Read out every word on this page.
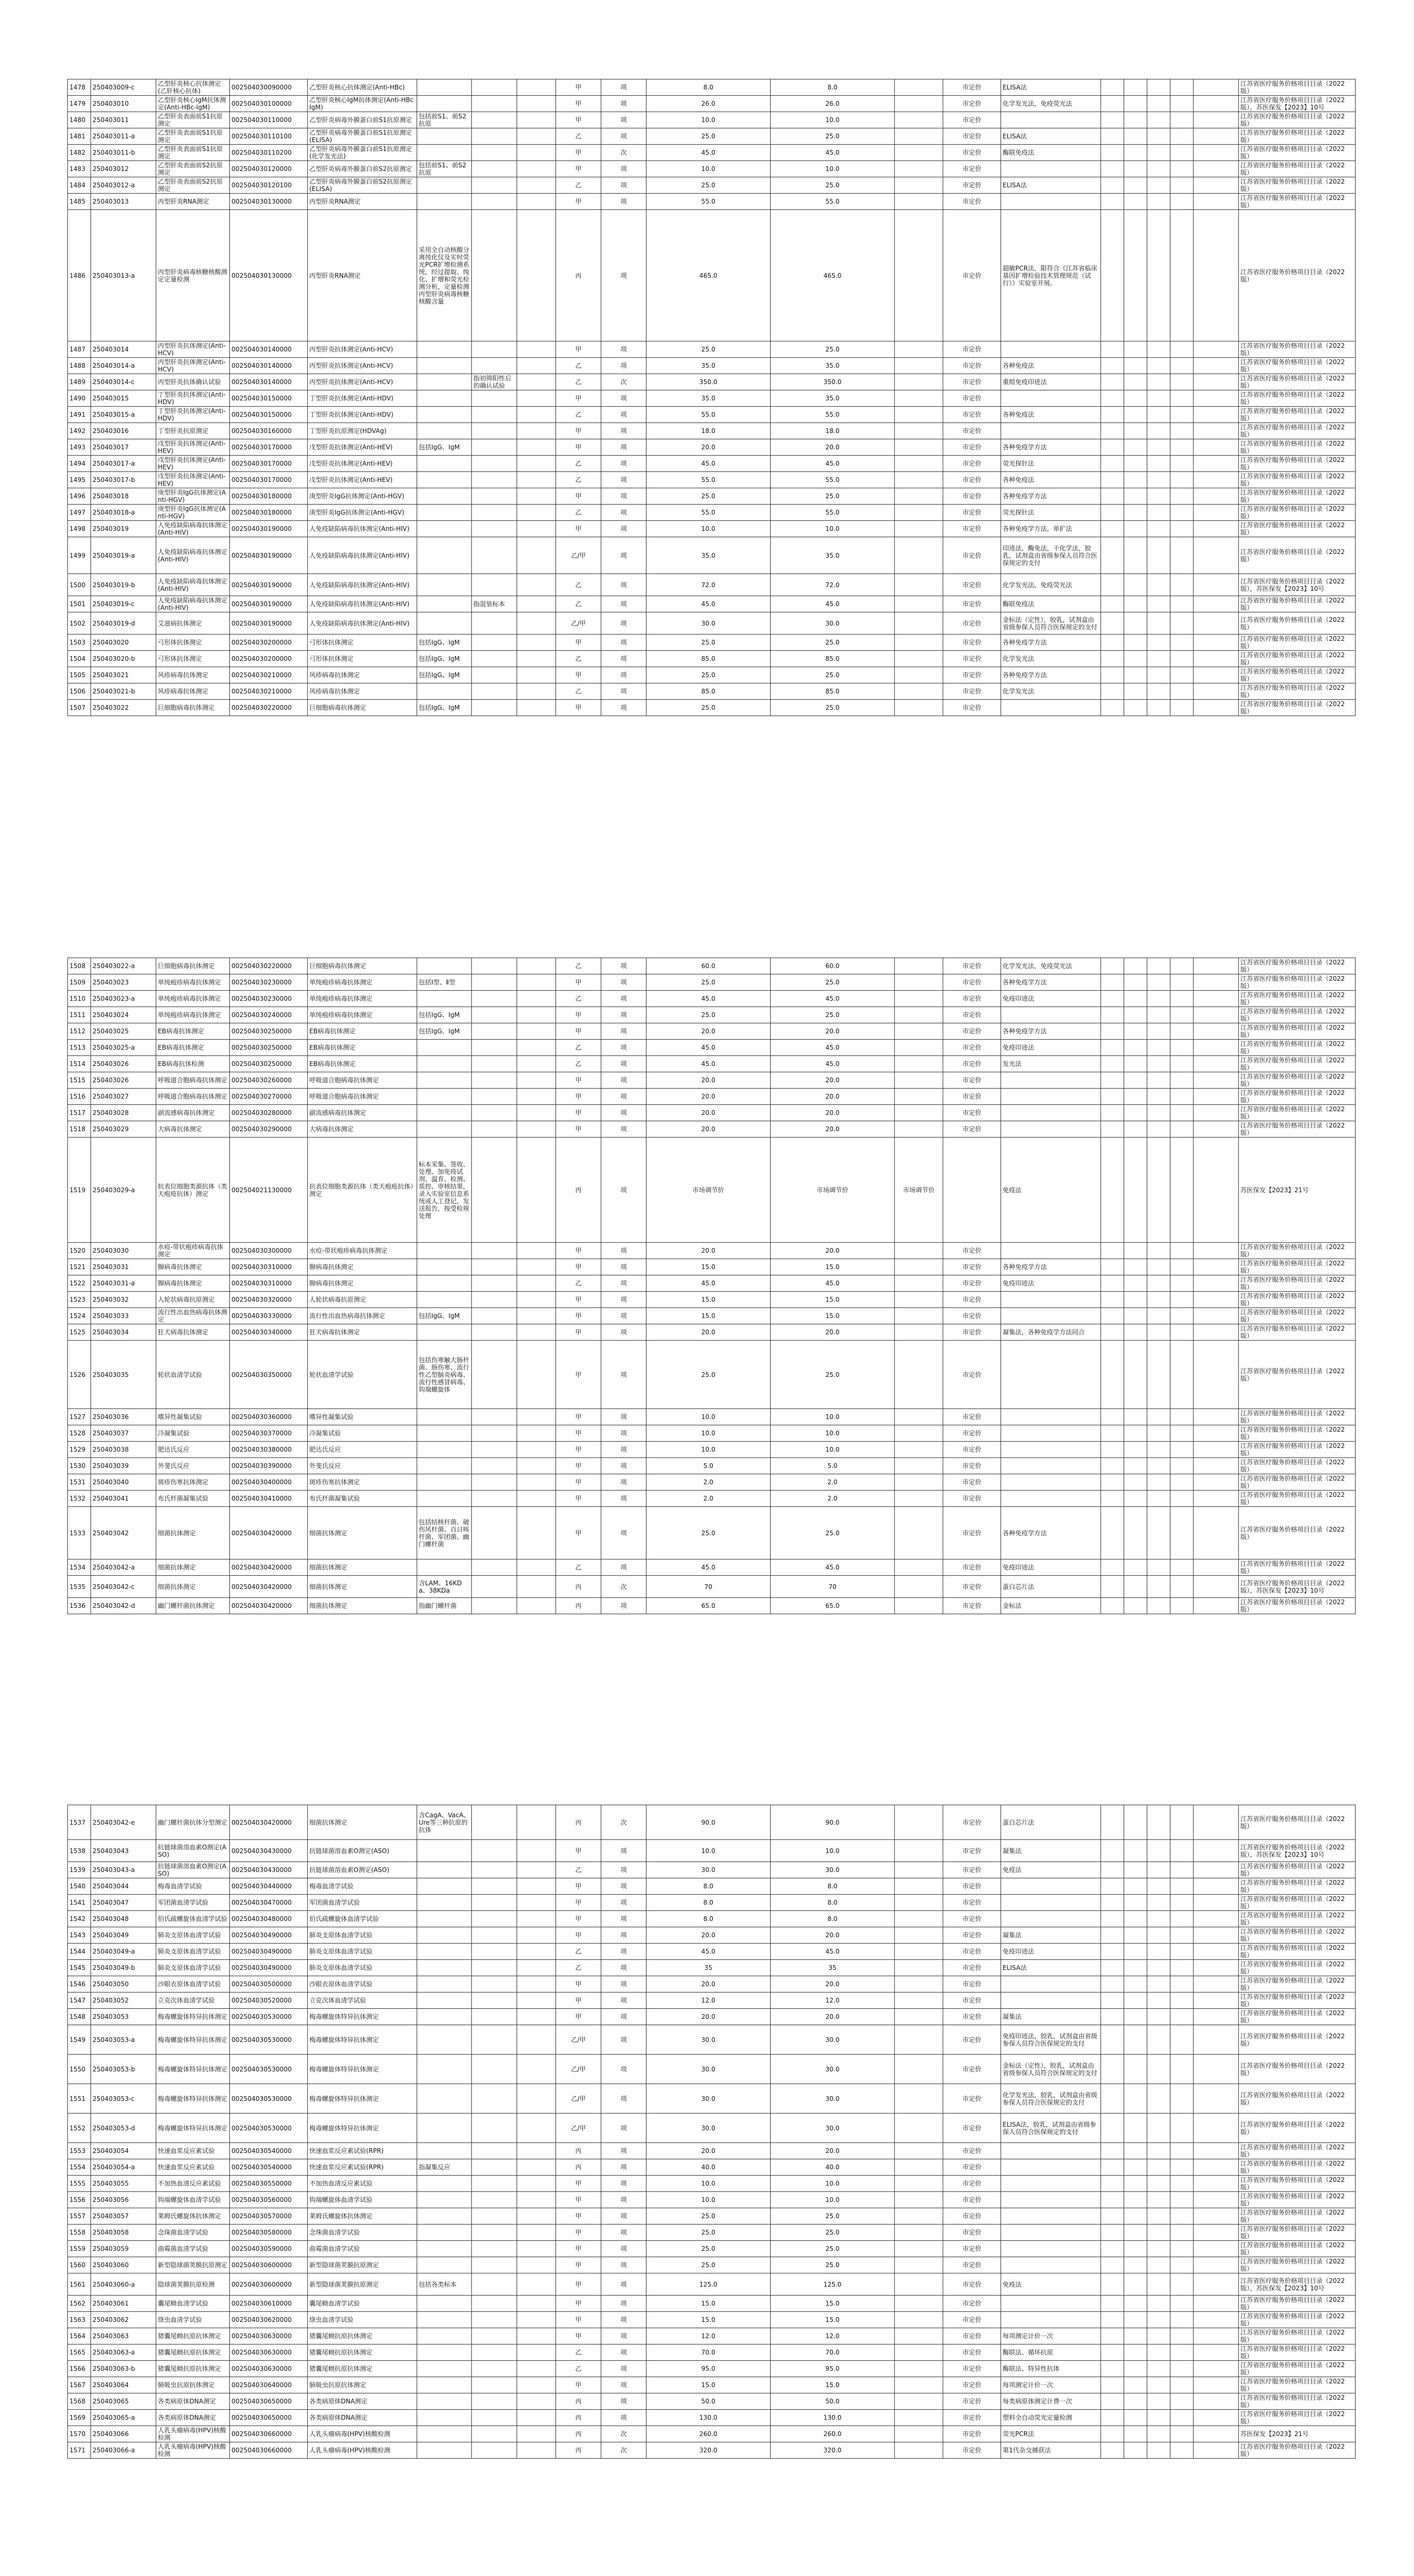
1478	250403009-c	乙型肝炎核心抗体测定(乙肝核心抗体)	002504030090000	乙型肝炎核心抗体测定(Anti-HBc)				甲	项	8.0	8.0		市定价	ELISA法						江苏省医疗服务价格项目目录（2022版）
1479	250403010	乙型肝炎核心IgM抗体测定(Anti-HBc-IgM)	002504030100000	乙型肝炎核心IgM抗体测定(Anti-HBc IgM)				甲	项	26.0	26.0		市定价	化学发光法，免疫荧光法						江苏省医疗服务价格项目目录（2022版），苏医保发【2023】10号
1480	250403011	乙型肝炎表面前S1抗原测定	002504030110000	乙型肝炎病毒外膜蛋白前S1抗原测定	包括前S1、前S2抗原			甲	项	10.0	10.0		市定价							江苏省医疗服务价格项目目录（2022版）
1481	250403011-a	乙型肝炎表面前S1抗原测定	002504030110100	乙型肝炎病毒外膜蛋白前S1抗原测定(ELISA)				乙	项	25.0	25.0		市定价	ELISA法						江苏省医疗服务价格项目目录（2022版）
1482	250403011-b	乙型肝炎表面前S1抗原测定	002504030110200	乙型肝炎病毒外膜蛋白前S1抗原测定(化学发光法)				甲	次	45.0	45.0		市定价	酶联免疫法						江苏省医疗服务价格项目目录（2022版）
1483	250403012	乙型肝炎表面前S2抗原测定	002504030120000	乙型肝炎病毒外膜蛋白前S2抗原测定	包括前S1、前S2抗原			甲	项	10.0	10.0		市定价							江苏省医疗服务价格项目目录（2022版）
1484	250403012-a	乙型肝炎表面前S2抗原测定	002504030120100	乙型肝炎病毒外膜蛋白前S2抗原测定(ELISA)				乙	项	25.0	25.0		市定价	ELISA法						江苏省医疗服务价格项目目录（2022版）
1485	250403013	丙型肝炎RNA测定	002504030130000	丙型肝炎RNA测定				甲	项	55.0	55.0		市定价							江苏省医疗服务价格项目目录（2022版）
1486	250403013-a	丙型肝炎病毒核糖核酸测定定量检测	002504030130000	丙型肝炎RNA测定	采用全自动核酸分离纯化仪及实时荧光PCR扩增检测系统，经过提取、纯化、扩增和荧光检测分析，定量检测丙型肝炎病毒核糖核酸含量			丙	项	465.0	465.0		市定价	超敏PCR法，限符合《江苏省临床基因扩增检验技术管理规范（试行）》实验室开展。						江苏省医疗服务价格项目目录（2022版）
1487	250403014	丙型肝炎抗体测定(Anti-HCV)	002504030140000	丙型肝炎抗体测定(Anti-HCV)				甲	项	25.0	25.0		市定价							江苏省医疗服务价格项目目录（2022版）
1488	250403014-a	丙型肝炎抗体测定(Anti-HCV)	002504030140000	丙型肝炎抗体测定(Anti-HCV)				乙	项	35.0	35.0		市定价	各种免疫法						江苏省医疗服务价格项目目录（2022版）
1489	250403014-c	丙型肝炎抗体确认试验	002504030140000	丙型肝炎抗体测定(Anti-HCV)		指初筛阳性后的确认试验		乙	次	350.0	350.0		市定价	重组免疫印迹法						江苏省医疗服务价格项目目录（2022版）
1490	250403015	丁型肝炎抗体测定(Anti-HDV)	002504030150000	丁型肝炎抗体测定(Anti-HDV)				甲	项	35.0	35.0		市定价							江苏省医疗服务价格项目目录（2022版）
1491	250403015-a	丁型肝炎抗体测定(Anti-HDV)	002504030150000	丁型肝炎抗体测定(Anti-HDV)				乙	项	55.0	55.0		市定价	各种免疫法						江苏省医疗服务价格项目目录（2022版）
1492	250403016	丁型肝炎抗原测定	002504030160000	丁型肝炎抗原测定(HDVAg)				甲	项	18.0	18.0		市定价							江苏省医疗服务价格项目目录（2022版）
1493	250403017	戊型肝炎抗体测定(Anti-HEV)	002504030170000	戊型肝炎抗体测定(Anti-HEV)	包括IgG、IgM			甲	项	20.0	20.0		市定价	各种免疫学方法						江苏省医疗服务价格项目目录（2022版）
1494	250403017-a	戊型肝炎抗体测定(Anti-HEV)	002504030170000	戊型肝炎抗体测定(Anti-HEV)				乙	项	45.0	45.0		市定价	荧光探针法						江苏省医疗服务价格项目目录（2022版）
1495	250403017-b	戊型肝炎抗体测定(Anti-HEV)	002504030170000	戊型肝炎抗体测定(Anti-HEV)				乙	项	55.0	55.0		市定价	各种免疫法						江苏省医疗服务价格项目目录（2022版）
1496	250403018	庚型肝炎IgG抗体测定(Anti-HGV)	002504030180000	庚型肝炎IgG抗体测定(Anti-HGV)				甲	项	25.0	25.0		市定价	各种免疫学方法						江苏省医疗服务价格项目目录（2022版）
1497	250403018-a	庚型肝炎IgG抗体测定(Anti-HGV)	002504030180000	庚型肝炎IgG抗体测定(Anti-HGV)				乙	项	55.0	55.0		市定价	荧光探针法						江苏省医疗服务价格项目目录（2022版）
1498	250403019	人免疫缺陷病毒抗体测定(Anti-HIV)	002504030190000	人免疫缺陷病毒抗体测定(Anti-HIV)				甲	项	10.0	10.0		市定价	各种免疫学方法，单扩法						江苏省医疗服务价格项目目录（2022版）
1499	250403019-a	人免疫缺陷病毒抗体测定(Anti-HIV)	002504030190000	人免疫缺陷病毒抗体测定(Anti-HIV)				乙/甲	项	35.0	35.0		市定价	印迹法，酶免法，干化学法，胶乳，试剂盒由省级参保人员符合医保规定的支付						江苏省医疗服务价格项目目录（2022版）
1500	250403019-b	人免疫缺陷病毒抗体测定(Anti-HIV)	002504030190000	人免疫缺陷病毒抗体测定(Anti-HIV)				乙	项	72.0	72.0		市定价	化学发光法，免疫荧光法						江苏省医疗服务价格项目目录（2022版），苏医保发【2023】10号
1501	250403019-c	人免疫缺陷病毒抗体测定(Anti-HIV)	002504030190000	人免疫缺陷病毒抗体测定(Anti-HIV)		指混装标本		乙	项	45.0	45.0		市定价	酶联免疫法						江苏省医疗服务价格项目目录（2022版）
1502	250403019-d	艾滋病抗体测定	002504030190000	人免疫缺陷病毒抗体测定(Anti-HIV)				乙/甲	项	30.0	30.0		市定价	金标法（定性），胶乳，试剂盒由省级参保人员符合医保规定的支付						江苏省医疗服务价格项目目录（2022版）
1503	250403020	弓形体抗体测定	002504030200000	弓形体抗体测定	包括IgG、IgM			甲	项	25.0	25.0		市定价	各种免疫学方法						江苏省医疗服务价格项目目录（2022版）
1504	250403020-b	弓形体抗体测定	002504030200000	弓形体抗体测定	包括IgG、IgM			乙	项	85.0	85.0		市定价	化学发光法						江苏省医疗服务价格项目目录（2022版）
1505	250403021	风疹病毒抗体测定	002504030210000	风疹病毒抗体测定	包括IgG、IgM			甲	项	25.0	25.0		市定价	各种免疫学方法						江苏省医疗服务价格项目目录（2022版）
1506	250403021-b	风疹病毒抗体测定	002504030210000	风疹病毒抗体测定				乙	项	85.0	85.0		市定价	化学发光法						江苏省医疗服务价格项目目录（2022版）
1507	250403022	巨细胞病毒抗体测定	002504030220000	巨细胞病毒抗体测定	包括IgG、IgM			甲	项	25.0	25.0		市定价							江苏省医疗服务价格项目目录（2022版）
1508	250403022-a	巨细胞病毒抗体测定	002504030220000	巨细胞病毒抗体测定				乙	项	60.0	60.0		市定价	化学发光法，免疫荧光法						江苏省医疗服务价格项目目录（2022版）
1509	250403023	单纯疱疹病毒抗体测定	002504030230000	单纯疱疹病毒抗体测定	包括Ⅰ型、Ⅱ型			甲	项	25.0	25.0		市定价	各种免疫学方法						江苏省医疗服务价格项目目录（2022版）
1510	250403023-a	单纯疱疹病毒抗体测定	002504030230000	单纯疱疹病毒抗体测定				乙	项	45.0	45.0		市定价	免疫印迹法						江苏省医疗服务价格项目目录（2022版）
1511	250403024	单纯疱疹病毒抗体测定	002504030240000	单纯疱疹病毒抗体测定	包括IgG、IgM			甲	项	25.0	25.0		市定价							江苏省医疗服务价格项目目录（2022版）
1512	250403025	EB病毒抗体测定	002504030250000	EB病毒抗体测定	包括IgG、IgM			甲	项	20.0	20.0		市定价	各种免疫学方法						江苏省医疗服务价格项目目录（2022版）
1513	250403025-a	EB病毒抗体测定	002504030250000	EB病毒抗体测定				乙	项	45.0	45.0		市定价	免疫印迹法						江苏省医疗服务价格项目目录（2022版）
1514	250403026	EB病毒抗体检测	002504030250000	EB病毒抗体测定				乙	项	45.0	45.0		市定价	发光法						江苏省医疗服务价格项目目录（2022版）
1515	250403026	呼吸道合胞病毒抗体测定	002504030260000	呼吸道合胞病毒抗体测定				甲	项	20.0	20.0		市定价							江苏省医疗服务价格项目目录（2022版）
1516	250403027	呼吸道合胞病毒抗体测定	002504030270000	呼吸道合胞病毒抗体测定				甲	项	20.0	20.0		市定价							江苏省医疗服务价格项目目录（2022版）
1517	250403028	副流感病毒抗体测定	002504030280000	副流感病毒抗体测定				甲	项	20.0	20.0		市定价							江苏省医疗服务价格项目目录（2022版）
1518	250403029	大病毒抗体测定	002504030290000	大病毒抗体测定				甲	项	20.0	20.0		市定价							江苏省医疗服务价格项目目录（2022版）
1519	250403029-a	抗表位细胞类源抗体（类天疱疮抗体）测定	002504021130000	抗表位细胞类源抗体（类天疱疮抗体）测定	标本采集、签收、处理、加免疫试剂，温育、检测、质控、审核结果，录入实验室信息系统或人工登记，发送报告，按受检规处理			丙	项	市场调节价	市场调节价	市场调节价		免疫法						苏医保发【2023】21号
1520	250403030	水痘-带状疱疹病毒抗体测定	002504030300000	水痘-带状疱疹病毒抗体测定				甲	项	20.0	20.0		市定价							江苏省医疗服务价格项目目录（2022版）
1521	250403031	腺病毒抗体测定	002504030310000	腺病毒抗体测定				甲	项	15.0	15.0		市定价	各种免疫学方法						江苏省医疗服务价格项目目录（2022版）
1522	250403031-a	腺病毒抗体测定	002504030310000	腺病毒抗体测定				乙	项	45.0	45.0		市定价	免疫印迹法						江苏省医疗服务价格项目目录（2022版）
1523	250403032	人轮状病毒抗原测定	002504030320000	人轮状病毒抗原测定				甲	项	15.0	15.0		市定价							江苏省医疗服务价格项目目录（2022版）
1524	250403033	流行性出血热病毒抗体测定	002504030330000	流行性出血热病毒抗体测定	包括IgG、IgM			甲	项	15.0	15.0		市定价							江苏省医疗服务价格项目目录（2022版）
1525	250403034	狂犬病毒抗体测定	002504030340000	狂犬病毒抗体测定				甲	项	20.0	20.0		市定价	凝集法，各种免疫学方法同合						江苏省医疗服务价格项目目录（2022版）
1526	250403035	轮状血清学试验	002504030350000	轮状血清学试验	包括伤寒触大肠杆菌、肠伤寒、流行性乙型脑炎病毒、流行性感冒病毒、钩端螺旋体			甲	项	25.0	25.0		市定价							江苏省医疗服务价格项目目录（2022版）
1527	250403036	嗜异性凝集试验	002504030360000	嗜异性凝集试验				甲	项	10.0	10.0		市定价							江苏省医疗服务价格项目目录（2022版）
1528	250403037	冷凝集试验	002504030370000	冷凝集试验				甲	项	10.0	10.0		市定价							江苏省医疗服务价格项目目录（2022版）
1529	250403038	肥达氏反应	002504030380000	肥达氏反应				甲	项	10.0	10.0		市定价							江苏省医疗服务价格项目目录（2022版）
1530	250403039	外斐氏反应	002504030390000	外斐氏反应				甲	项	5.0	5.0		市定价							江苏省医疗服务价格项目目录（2022版）
1531	250403040	斑疹伤寒抗体测定	002504030400000	斑疹伤寒抗体测定				甲	项	2.0	2.0		市定价							江苏省医疗服务价格项目目录（2022版）
1532	250403041	布氏杆菌凝集试验	002504030410000	布氏杆菌凝集试验				甲	项	2.0	2.0		市定价							江苏省医疗服务价格项目目录（2022版）
1533	250403042	细菌抗体测定	002504030420000	细菌抗体测定	包括结核杆菌、破伤风杆菌、百日咳杆菌、军团菌、幽门螺杆菌			甲	项	25.0	25.0		市定价	各种免疫学方法						江苏省医疗服务价格项目目录（2022版）
1534	250403042-a	细菌抗体测定	002504030420000	细菌抗体测定				乙	项	45.0	45.0		市定价	免疫印迹法						江苏省医疗服务价格项目目录（2022版）
1535	250403042-c	细菌抗体测定	002504030420000	细菌抗体测定	含LAM、16KDa、38KDa			丙	次	70	70		市定价	蛋白芯片法						江苏省医疗服务价格项目目录（2022版），苏医保发【2023】10号
1536	250403042-d	幽门螺杆菌抗体测定	002504030420000	细菌抗体测定	指幽门螺杆菌			丙	项	65.0	65.0		市定价	金标法						江苏省医疗服务价格项目目录（2022版）
1537	250403042-e	幽门螺杆菌抗体分型测定	002504030420000	细菌抗体测定	含CagA、VacA、Ure等三种抗原的抗体			丙	次	90.0	90.0		市定价	蛋白芯片法						江苏省医疗服务价格项目目录（2022版）
1538	250403043	抗链球菌溶血素O测定(ASO)	002504030430000	抗链球菌溶血素O测定(ASO)				甲	项	10.0	10.0		市定价	凝集法						江苏省医疗服务价格项目目录（2022版），苏医保发【2023】10号
1539	250403043-a	抗链球菌溶血素O测定(ASO)	002504030430000	抗链球菌溶血素O测定(ASO)				乙	项	30.0	30.0		市定价	免疫法						江苏省医疗服务价格项目目录（2022版）
1540	250403044	梅毒血清学试验	002504030440000	梅毒血清学试验				甲	项	8.0	8.0		市定价							江苏省医疗服务价格项目目录（2022版）
1541	250403047	军团菌血清学试验	002504030470000	军团菌血清学试验				甲	项	8.0	8.0		市定价							江苏省医疗服务价格项目目录（2022版）
1542	250403048	伯氏疏螺旋体血清学试验	002504030480000	伯氏疏螺旋体血清学试验				甲	项	8.0	8.0		市定价							江苏省医疗服务价格项目目录（2022版）
1543	250403049	肺炎支原体血清学试验	002504030490000	肺炎支原体血清学试验				甲	项	20.0	20.0		市定价	凝集法						江苏省医疗服务价格项目目录（2022版）
1544	250403049-a	肺炎支原体血清学试验	002504030490000	肺炎支原体血清学试验				乙	项	45.0	45.0		市定价	免疫印迹法						江苏省医疗服务价格项目目录（2022版）
1545	250403049-b	肺炎支原体血清学试验	002504030490000	肺炎支原体血清学试验				乙	项	35	35		市定价	ELISA法						江苏省医疗服务价格项目目录（2022版）
1546	250403050	沙眼衣原体血清学试验	002504030500000	沙眼衣原体血清学试验				甲	项	20.0	20.0		市定价							江苏省医疗服务价格项目目录（2022版）
1547	250403052	立克次体血清学试验	002504030520000	立克次体血清学试验				甲	项	12.0	12.0		市定价							江苏省医疗服务价格项目目录（2022版）
1548	250403053	梅毒螺旋体特异抗体测定	002504030530000	梅毒螺旋体特异抗体测定				甲	项	20.0	20.0		市定价	凝集法						江苏省医疗服务价格项目目录（2022版）
1549	250403053-a	梅毒螺旋体特异抗体测定	002504030530000	梅毒螺旋体特异抗体测定				乙/甲	项	30.0	30.0		市定价	免疫印迹法，胶乳，试剂盒由省级参保人员符合医保规定的支付						江苏省医疗服务价格项目目录（2022版）
1550	250403053-b	梅毒螺旋体特异抗体测定	002504030530000	梅毒螺旋体特异抗体测定				乙/甲	项	30.0	30.0		市定价	金标法（定性），胶乳，试剂盒由省级参保人员符合医保规定的支付						江苏省医疗服务价格项目目录（2022版）
1551	250403053-c	梅毒螺旋体特异抗体测定	002504030530000	梅毒螺旋体特异抗体测定				乙/甲	项	30.0	30.0		市定价	化学发光法，胶乳，试剂盒由省级参保人员符合医保规定的支付						江苏省医疗服务价格项目目录（2022版）
1552	250403053-d	梅毒螺旋体特异抗体测定	002504030530000	梅毒螺旋体特异抗体测定				乙/甲	项	30.0	30.0		市定价	ELISA法，胶乳，试剂盒由省级参保人员符合医保规定的支付						江苏省医疗服务价格项目目录（2022版）
1553	250403054	快速血浆反应素试验	002504030540000	快速血浆反应素试验(RPR)				丙	项	20.0	20.0		市定价							江苏省医疗服务价格项目目录（2022版）
1554	250403054-a	快速血浆反应素试验	002504030540000	快速血浆反应素试验(RPR)	指凝集反应			丙	项	40.0	40.0		市定价							江苏省医疗服务价格项目目录（2022版）
1555	250403055	不加热血清反应素试验	002504030550000	不加热血清反应素试验				甲	项	10.0	10.0		市定价							江苏省医疗服务价格项目目录（2022版）
1556	250403056	钩端螺旋体血清学试验	002504030560000	钩端螺旋体血清学试验				甲	项	10.0	10.0		市定价							江苏省医疗服务价格项目目录（2022版）
1557	250403057	莱姆氏螺旋体抗体测定	002504030570000	莱姆氏螺旋体抗体测定				甲	项	25.0	25.0		市定价							江苏省医疗服务价格项目目录（2022版）
1558	250403058	念珠菌血清学试验	002504030580000	念珠菌血清学试验				甲	项	25.0	25.0		市定价							江苏省医疗服务价格项目目录（2022版）
1559	250403059	曲霉菌血清学试验	002504030590000	曲霉菌血清学试验				甲	项	25.0	25.0		市定价							江苏省医疗服务价格项目目录（2022版）
1560	250403060	新型隐球菌荚膜抗原测定	002504030600000	新型隐球菌荚膜抗原测定				甲	项	25.0	25.0		市定价							江苏省医疗服务价格项目目录（2022版）
1561	250403060-a	隐球菌荚膜抗原检测	002504030600000	新型隐球菌荚膜抗原测定	包括各类标本			甲	项	125.0	125.0		市定价	免疫法						江苏省医疗服务价格项目目录（2022版），苏医保发【2023】10号
1562	250403061	囊尾蚴血清学试验	002504030610000	囊尾蚴血清学试验				甲	项	15.0	15.0		市定价							江苏省医疗服务价格项目目录（2022版）
1563	250403062	绦虫血清学试验	002504030620000	绦虫血清学试验				甲	项	15.0	15.0		市定价							江苏省医疗服务价格项目目录（2022版）
1564	250403063	猪囊尾蚴抗原抗体测定	002504030630000	猪囊尾蚴抗原抗体测定				甲	项	12.0	12.0		市定价	每项测定计价一次						江苏省医疗服务价格项目目录（2022版）
1565	250403063-a	猪囊尾蚴抗原抗体测定	002504030630000	猪囊尾蚴抗原抗体测定				乙	项	70.0	70.0		市定价	酶联法、循环抗原						江苏省医疗服务价格项目目录（2022版）
1566	250403063-b	猪囊尾蚴抗原抗体测定	002504030630000	猪囊尾蚴抗原抗体测定				乙	项	95.0	95.0		市定价	酶联法、特异性抗体						江苏省医疗服务价格项目目录（2022版）
1567	250403064	肺吸虫抗原抗体测定	002504030640000	肺吸虫抗原抗体测定				甲	项	15.0	15.0		市定价	每项测定计价一次						江苏省医疗服务价格项目目录（2022版）
1568	250403065	各类病原体DNA测定	002504030650000	各类病原体DNA测定				丙	项	50.0	50.0		市定价	每类病原体测定计费一次						江苏省医疗服务价格项目目录（2022版）
1569	250403065-a	各类病原体DNA测定	002504030650000	各类病原体DNA测定				丙	项	130.0	130.0		市定价	塑料全自动荧光定量检测						江苏省医疗服务价格项目目录（2022版）
1570	250403066	人乳头瘤病毒(HPV)核酸检测	002504030660000	人乳头瘤病毒(HPV)核酸检测				丙	次	260.0	260.0		市定价	荧光PCR法						苏医保发【2023】21号
1571	250403066-a	人乳头瘤病毒(HPV)核酸检测	002504030660000	人乳头瘤病毒(HPV)核酸检测				丙	次	320.0	320.0		市定价	第1代杂交捕获法						江苏省医疗服务价格项目目录（2022版）
